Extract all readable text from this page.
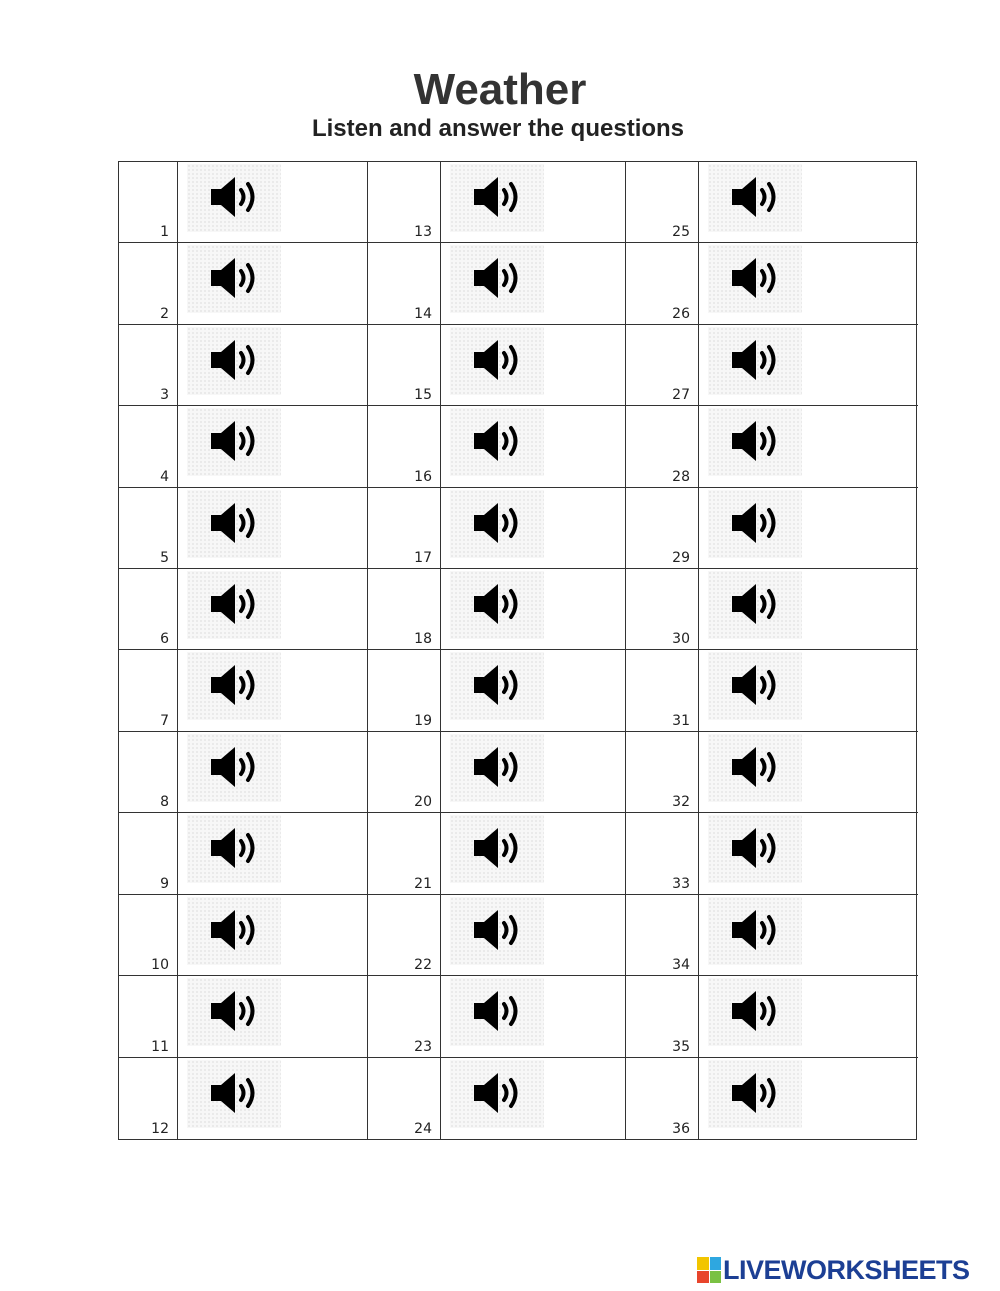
Weather
Listen and answer the questions
1	13	25
2	14	26
3	15	27
4	16	28
5	17	29
6	18	30
7	19	31
8	20	32
9	21	33
10	22	34
11	23	35
12	24	36
LIVEWORKSHEETS
